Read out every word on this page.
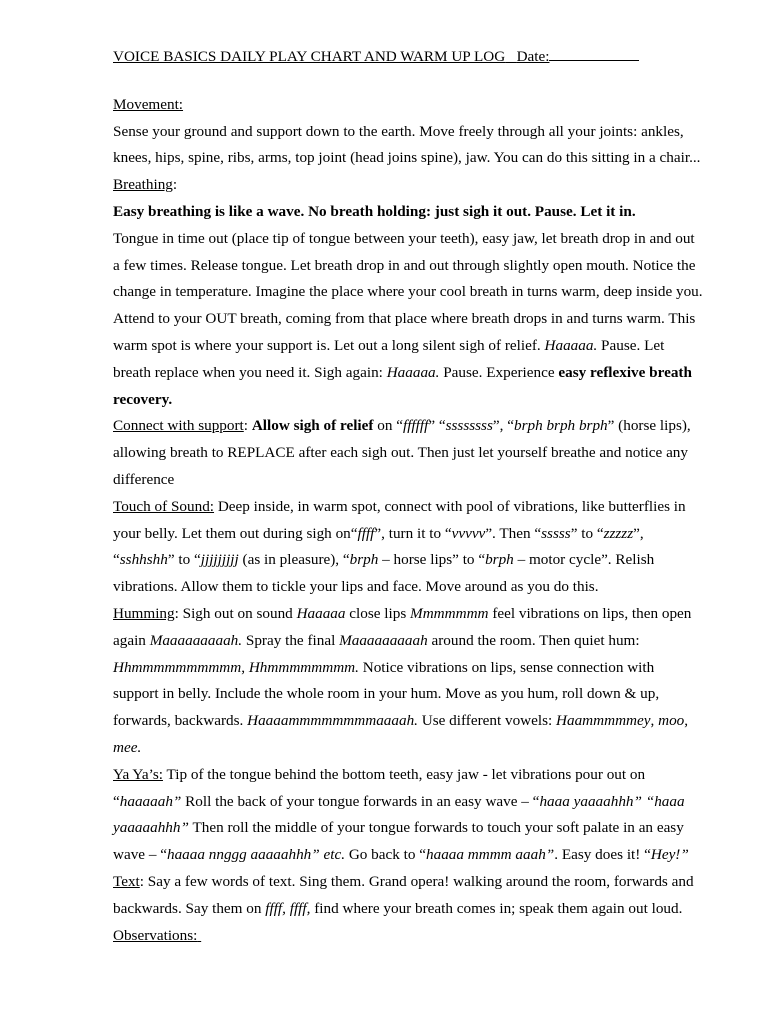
VOICE BASICS DAILY PLAY CHART AND WARM UP LOG Date:

Movement:

Sense your ground and support down to the earth. Move freely through all your joints: ankles, knees, hips, spine, ribs, arms, top joint (head joins spine), jaw. You can do this sitting in a chair...

Breathing:

Easy breathing is like a wave. No breath holding: just sigh it out. Pause. Let it in.

Tongue in time out (place tip of tongue between your teeth), easy jaw, let breath drop in and out a few times. Release tongue. Let breath drop in and out through slightly open mouth. Notice the change in temperature. Imagine the place where your cool breath in turns warm, deep inside you. Attend to your OUT breath, coming from that place where breath drops in and turns warm. This warm spot is where your support is. Let out a long silent sigh of relief. Haaaaa. Pause. Let breath replace when you need it. Sigh again: Haaaaa. Pause. Experience easy reflexive breath recovery.

Connect with support: Allow sigh of relief on “ffffff” “ssssssss”, “brph brph brph” (horse lips), allowing breath to REPLACE after each sigh out. Then just let yourself breathe and notice any difference

Touch of Sound: Deep inside, in warm spot, connect with pool of vibrations, like butterflies in your belly. Let them out during sigh on“ffff”, turn it to “vvvvv”. Then “sssss” to “zzzzz”, “sshhshh” to “jjjjjjjjj (as in pleasure), “brph – horse lips” to “brph – motor cycle”. Relish vibrations. Allow them to tickle your lips and face. Move around as you do this.

Humming: Sigh out on sound Haaaaa close lips Mmmmmmm feel vibrations on lips, then open again Maaaaaaaaah. Spray the final Maaaaaaaaah around the room. Then quiet hum: Hhmmmmmmmmmm, Hhmmmmmmmm. Notice vibrations on lips, sense connection with support in belly. Include the whole room in your hum. Move as you hum, roll down & up, forwards, backwards. Haaaammmmmmmmaaaah. Use different vowels: Haammmmmey, moo, mee.

Ya Ya’s: Tip of the tongue behind the bottom teeth, easy jaw - let vibrations pour out on “haaaaah” Roll the back of your tongue forwards in an easy wave – “haaa yaaaahhh” “haaa yaaaaahhh” Then roll the middle of your tongue forwards to touch your soft palate in an easy wave – “haaaa nnggg aaaaahhh” etc. Go back to “haaaa mmmm aaah”. Easy does it! “Hey!”

Text: Say a few words of text. Sing them. Grand opera! walking around the room, forwards and backwards. Say them on ffff, ffff, find where your breath comes in; speak them again out loud.

Observations:
